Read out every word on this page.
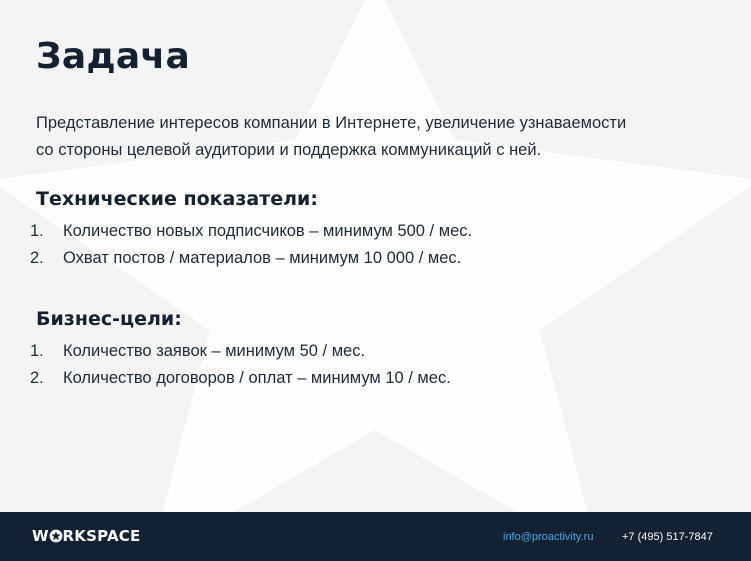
Задача

Представление интересов компании в Интернете, увеличение узнаваемости
со стороны целевой аудитории и поддержка коммуникаций с ней.

Технические показатели:
1.	Количество новых подписчиков – минимум 500 / мес.
2.	Охват постов / материалов – минимум 10 000 / мес.
Бизнес-цели:
1.	Количество заявок – минимум 50 / мес.
2.	Количество договоров / оплат – минимум 10 / мес.
W RKSPACE	info@proactivity.ru	+7 (495) 517-7847
